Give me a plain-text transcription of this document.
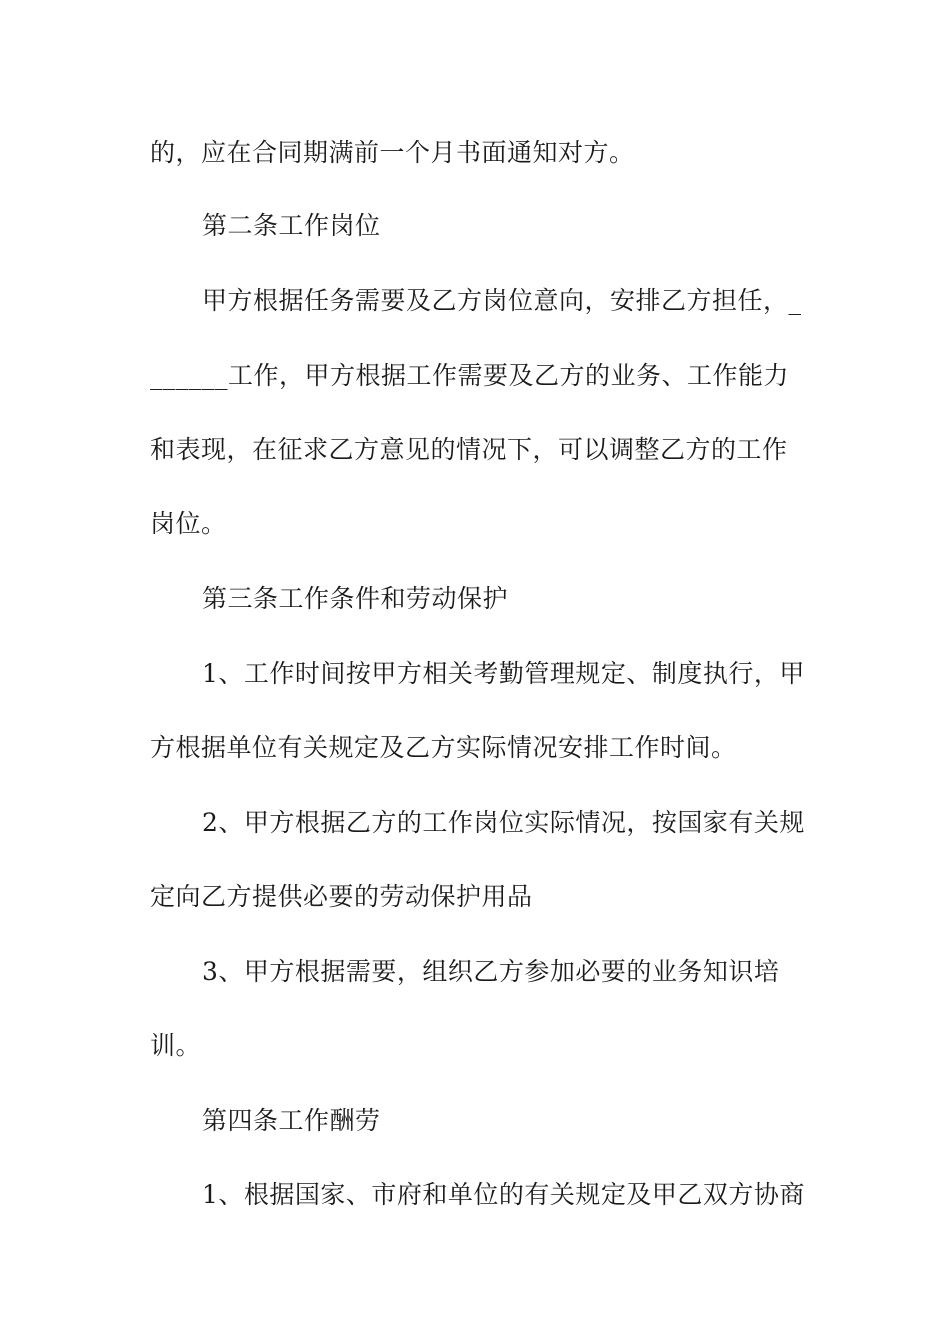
的，应在合同期满前一个月书面通知对方。

第二条工作岗位

甲方根据任务需要及乙方岗位意向，安排乙方担任，_

______工作，甲方根据工作需要及乙方的业务、工作能力

和表现，在征求乙方意见的情况下，可以调整乙方的工作

岗位。

第三条工作条件和劳动保护

1、工作时间按甲方相关考勤管理规定、制度执行，甲

方根据单位有关规定及乙方实际情况安排工作时间。

2、甲方根据乙方的工作岗位实际情况，按国家有关规

定向乙方提供必要的劳动保护用品

3、甲方根据需要，组织乙方参加必要的业务知识培

训。

第四条工作酬劳

1、根据国家、市府和单位的有关规定及甲乙双方协商
